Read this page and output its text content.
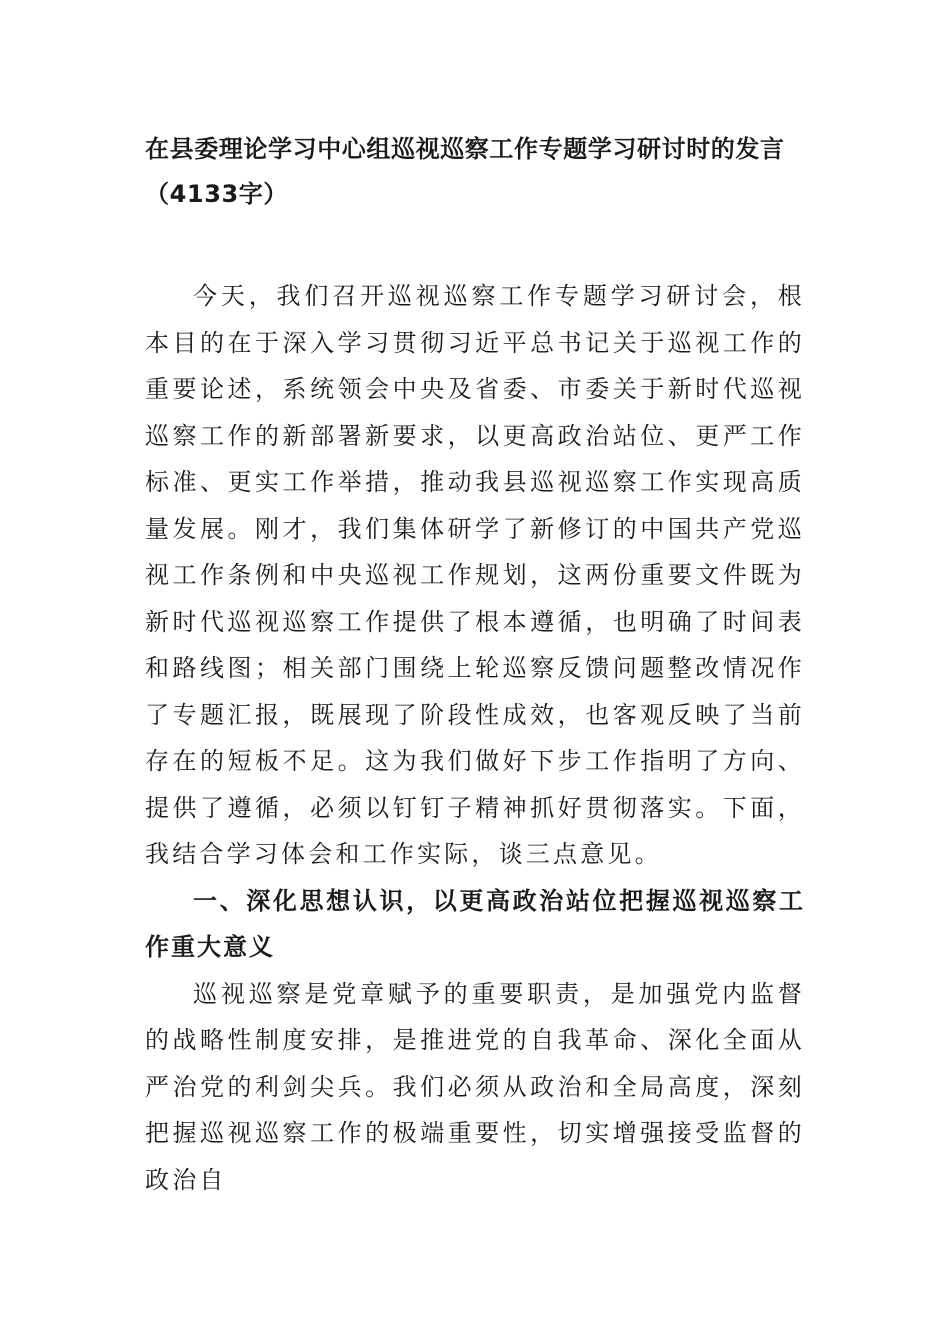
在县委理论学习中心组巡视巡察工作专题学习研讨时的发言（4133字）

今天，我们召开巡视巡察工作专题学习研讨会，根本目的在于深入学习贯彻习近平总书记关于巡视工作的重要论述，系统领会中央及省委、市委关于新时代巡视巡察工作的新部署新要求，以更高政治站位、更严工作标准、更实工作举措，推动我县巡视巡察工作实现高质量发展。刚才，我们集体研学了新修订的中国共产党巡视工作条例和中央巡视工作规划，这两份重要文件既为新时代巡视巡察工作提供了根本遵循，也明确了时间表和路线图；相关部门围绕上轮巡察反馈问题整改情况作了专题汇报，既展现了阶段性成效，也客观反映了当前存在的短板不足。这为我们做好下步工作指明了方向、提供了遵循，必须以钉钉子精神抓好贯彻落实。下面，我结合学习体会和工作实际，谈三点意见。

一、深化思想认识，以更高政治站位把握巡视巡察工作重大意义

巡视巡察是党章赋予的重要职责，是加强党内监督的战略性制度安排，是推进党的自我革命、深化全面从严治党的利剑尖兵。我们必须从政治和全局高度，深刻把握巡视巡察工作的极端重要性，切实增强接受监督的政治自
